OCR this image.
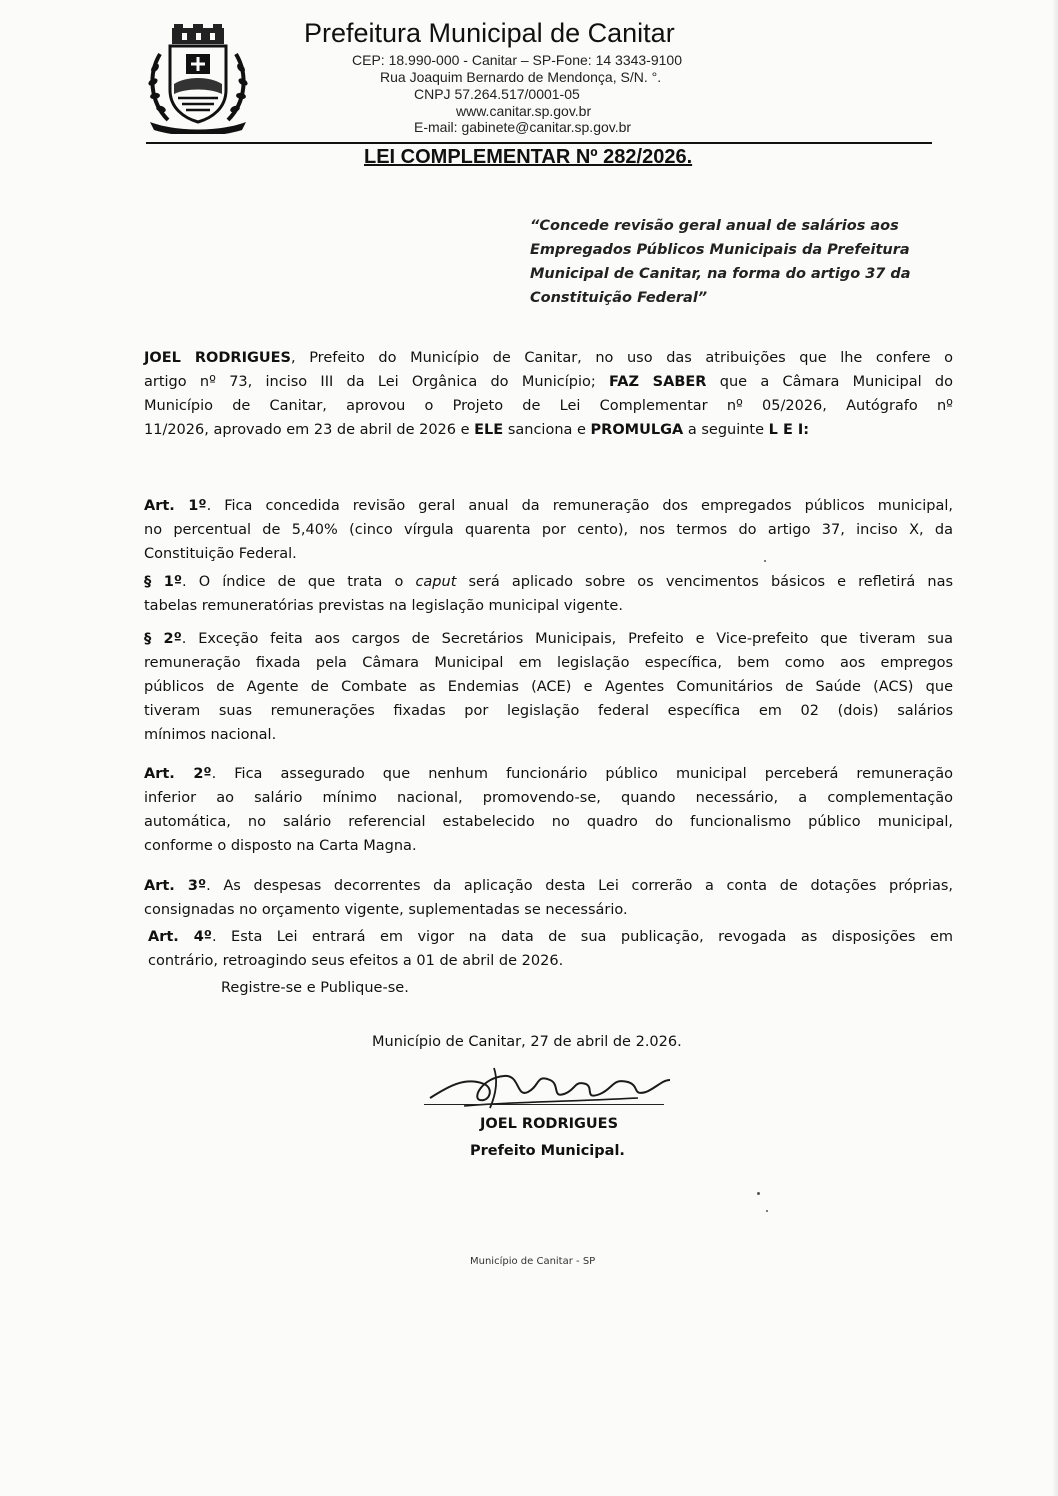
Prefeitura Municipal de Canitar
CEP: 18.990-000 - Canitar – SP-Fone: 14 3343-9100
Rua Joaquim Bernardo de Mendonça, S/N. °.
CNPJ 57.264.517/0001-05
www.canitar.sp.gov.br
E-mail: gabinete@canitar.sp.gov.br
LEI COMPLEMENTAR Nº 282/2026.
“Concede revisão geral anual de salários aos
Empregados Públicos Municipais da Prefeitura
Municipal de Canitar, na forma do artigo 37 da
Constituição Federal”
JOEL RODRIGUES, Prefeito do Município de Canitar, no uso das atribuições que lhe confere o
artigo nº 73, inciso III da Lei Orgânica do Município; FAZ SABER que a Câmara Municipal do
Município de Canitar, aprovou o Projeto de Lei Complementar nº 05/2026, Autógrafo nº
11/2026, aprovado em 23 de abril de 2026 e ELE sanciona e PROMULGA a seguinte L E I:
Art. 1º. Fica concedida revisão geral anual da remuneração dos empregados públicos municipal,
no percentual de 5,40% (cinco vírgula quarenta por cento), nos termos do artigo 37, inciso X, da
Constituição Federal.
§ 1º. O índice de que trata o caput será aplicado sobre os vencimentos básicos e refletirá nas
tabelas remuneratórias previstas na legislação municipal vigente.
§ 2º. Exceção feita aos cargos de Secretários Municipais, Prefeito e Vice-prefeito que tiveram sua
remuneração fixada pela Câmara Municipal em legislação específica, bem como aos empregos
públicos de Agente de Combate as Endemias (ACE) e Agentes Comunitários de Saúde (ACS) que
tiveram suas remunerações fixadas por legislação federal específica em 02 (dois) salários
mínimos nacional.
Art. 2º. Fica assegurado que nenhum funcionário público municipal perceberá remuneração
inferior ao salário mínimo nacional, promovendo-se, quando necessário, a complementação
automática, no salário referencial estabelecido no quadro do funcionalismo público municipal,
conforme o disposto na Carta Magna.
Art. 3º. As despesas decorrentes da aplicação desta Lei correrão a conta de dotações próprias,
consignadas no orçamento vigente, suplementadas se necessário.
Art. 4º. Esta Lei entrará em vigor na data de sua publicação, revogada as disposições em
contrário, retroagindo seus efeitos a 01 de abril de 2026.
Registre-se e Publique-se.
Município de Canitar, 27 de abril de 2.026.
JOEL RODRIGUES
Prefeito Municipal.
Município de Canitar - SP
